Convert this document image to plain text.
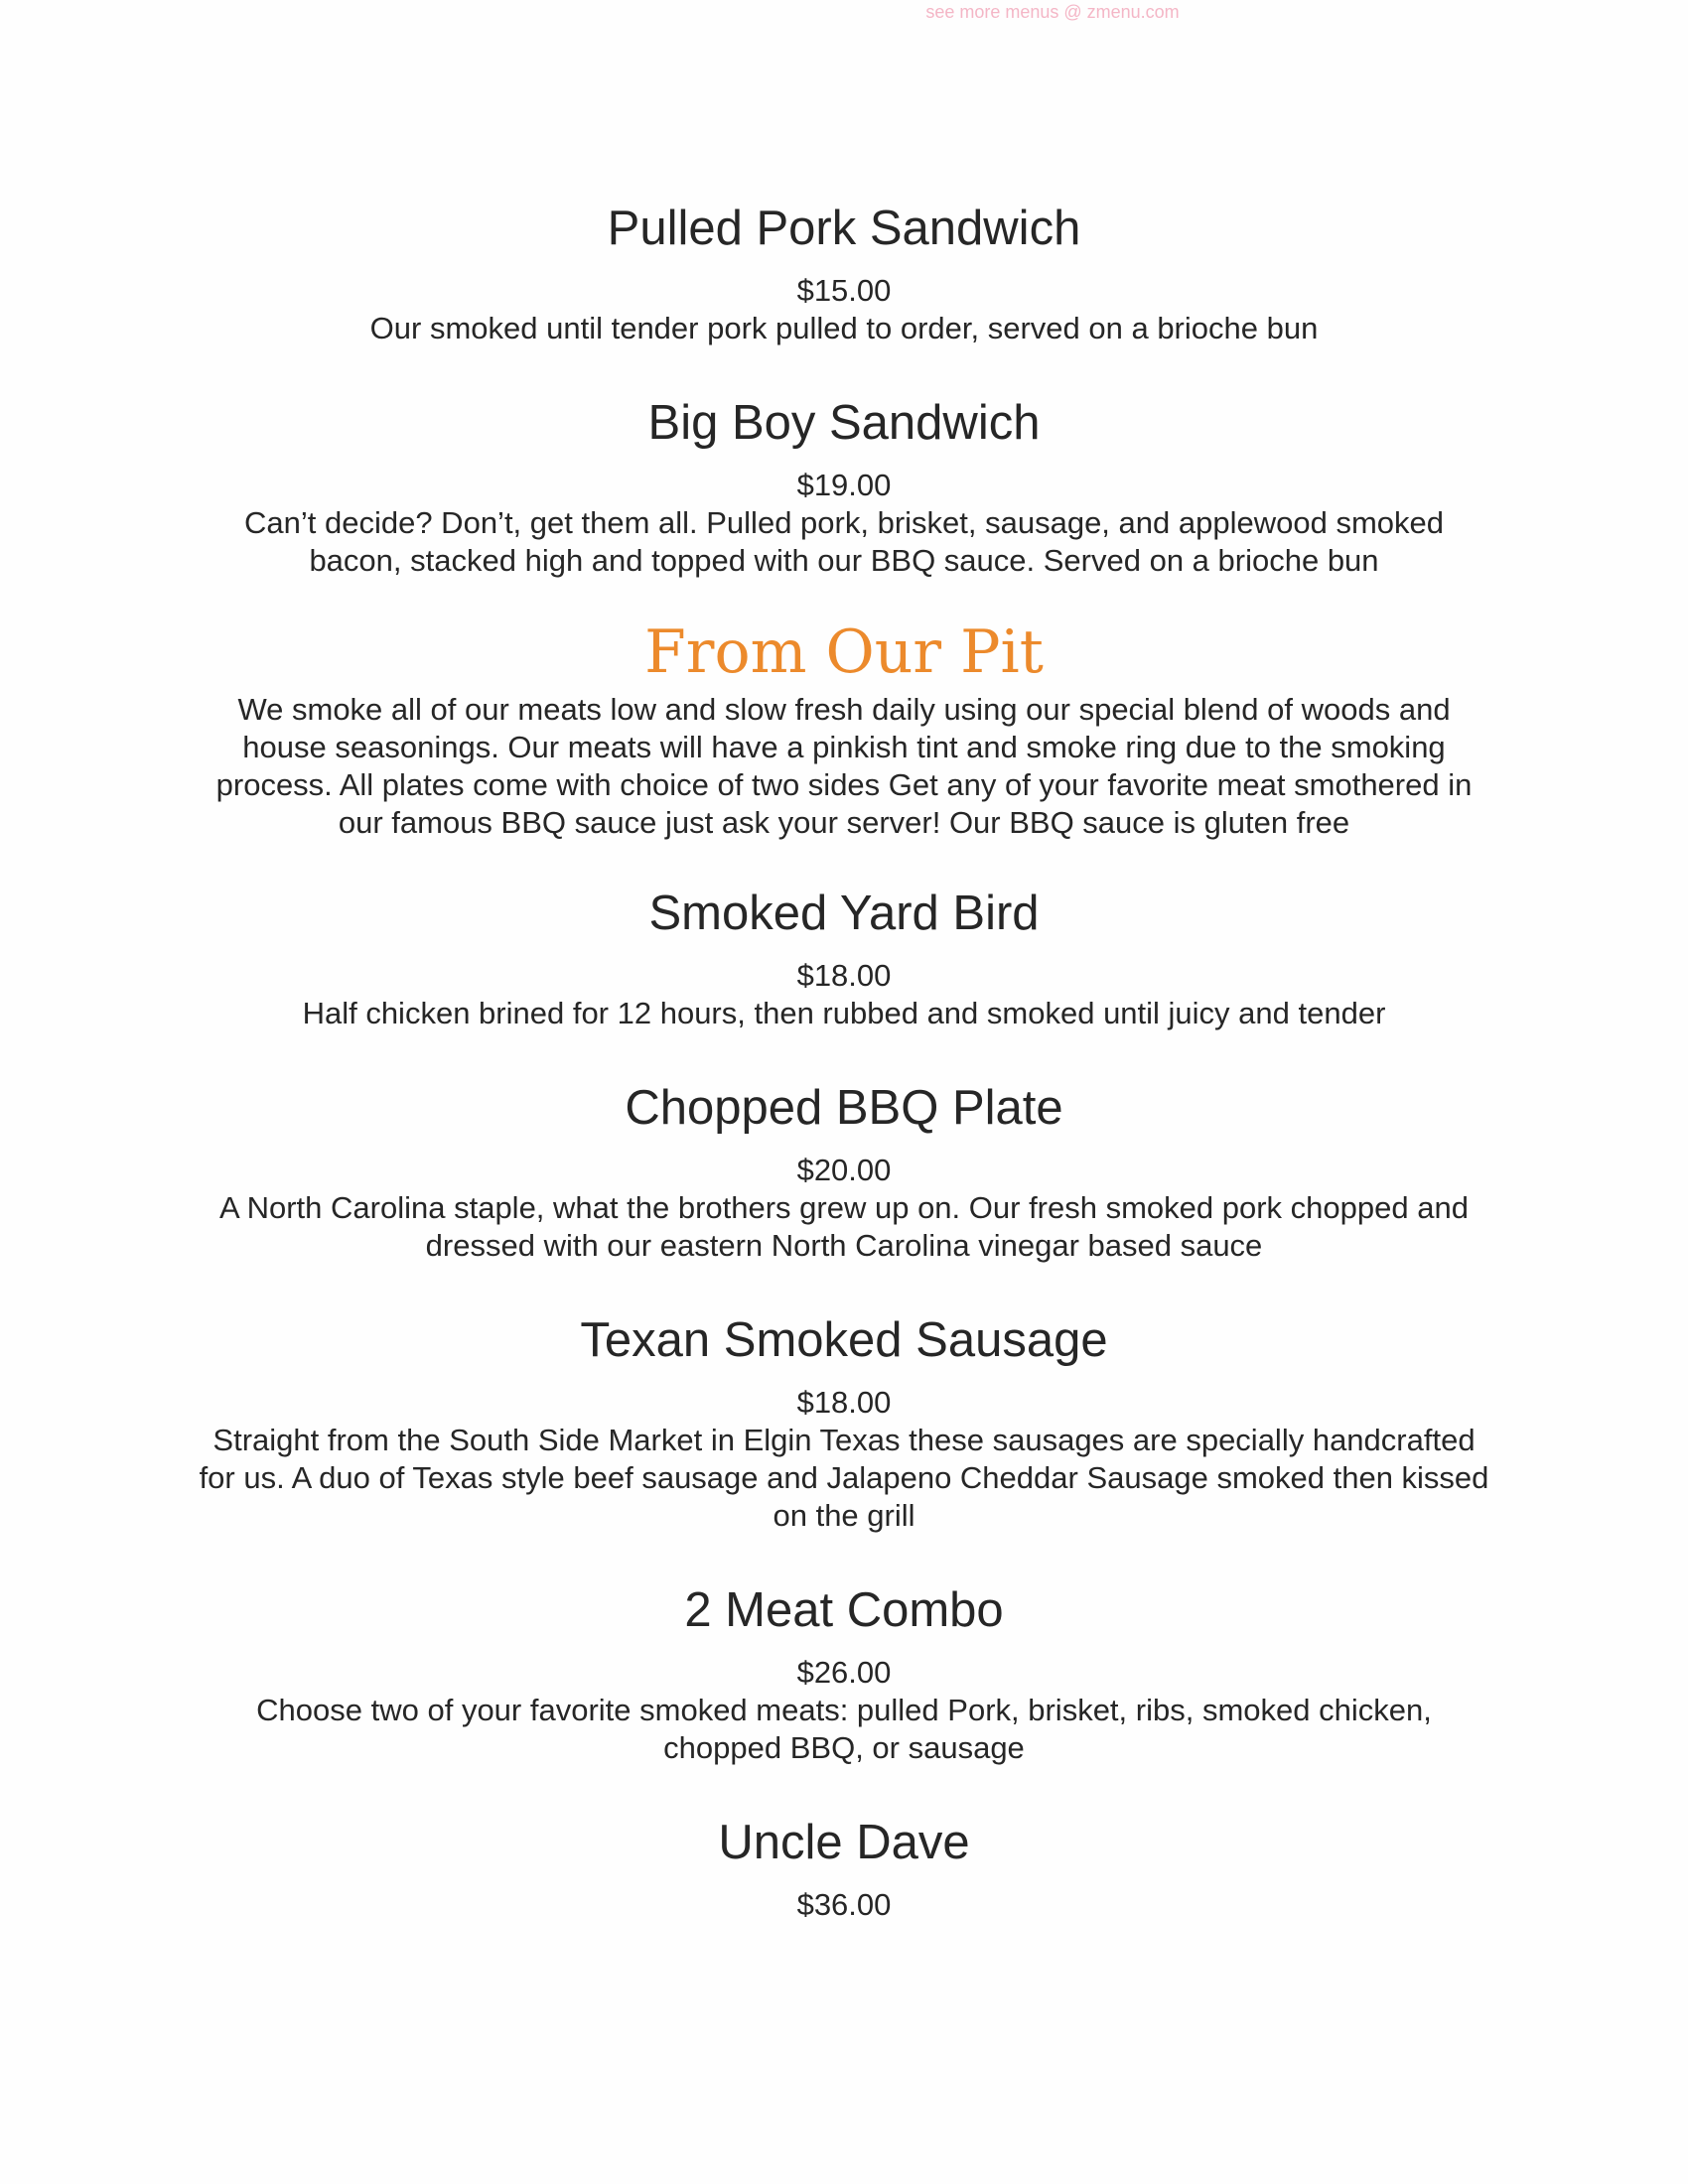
see more menus @ zmenu.com
Pulled Pork Sandwich
$15.00
Our smoked until tender pork pulled to order, served on a brioche bun
Big Boy Sandwich
$19.00
Can’t decide? Don’t, get them all. Pulled pork, brisket, sausage, and applewood smoked bacon, stacked high and topped with our BBQ sauce. Served on a brioche bun
From Our Pit
We smoke all of our meats low and slow fresh daily using our special blend of woods and house seasonings. Our meats will have a pinkish tint and smoke ring due to the smoking process. All plates come with choice of two sides Get any of your favorite meat smothered in our famous BBQ sauce just ask your server! Our BBQ sauce is gluten free
Smoked Yard Bird
$18.00
Half chicken brined for 12 hours, then rubbed and smoked until juicy and tender
Chopped BBQ Plate
$20.00
A North Carolina staple, what the brothers grew up on. Our fresh smoked pork chopped and dressed with our eastern North Carolina vinegar based sauce
Texan Smoked Sausage
$18.00
Straight from the South Side Market in Elgin Texas these sausages are specially handcrafted for us. A duo of Texas style beef sausage and Jalapeno Cheddar Sausage smoked then kissed on the grill
2 Meat Combo
$26.00
Choose two of your favorite smoked meats: pulled Pork, brisket, ribs, smoked chicken, chopped BBQ, or sausage
Uncle Dave
$36.00
